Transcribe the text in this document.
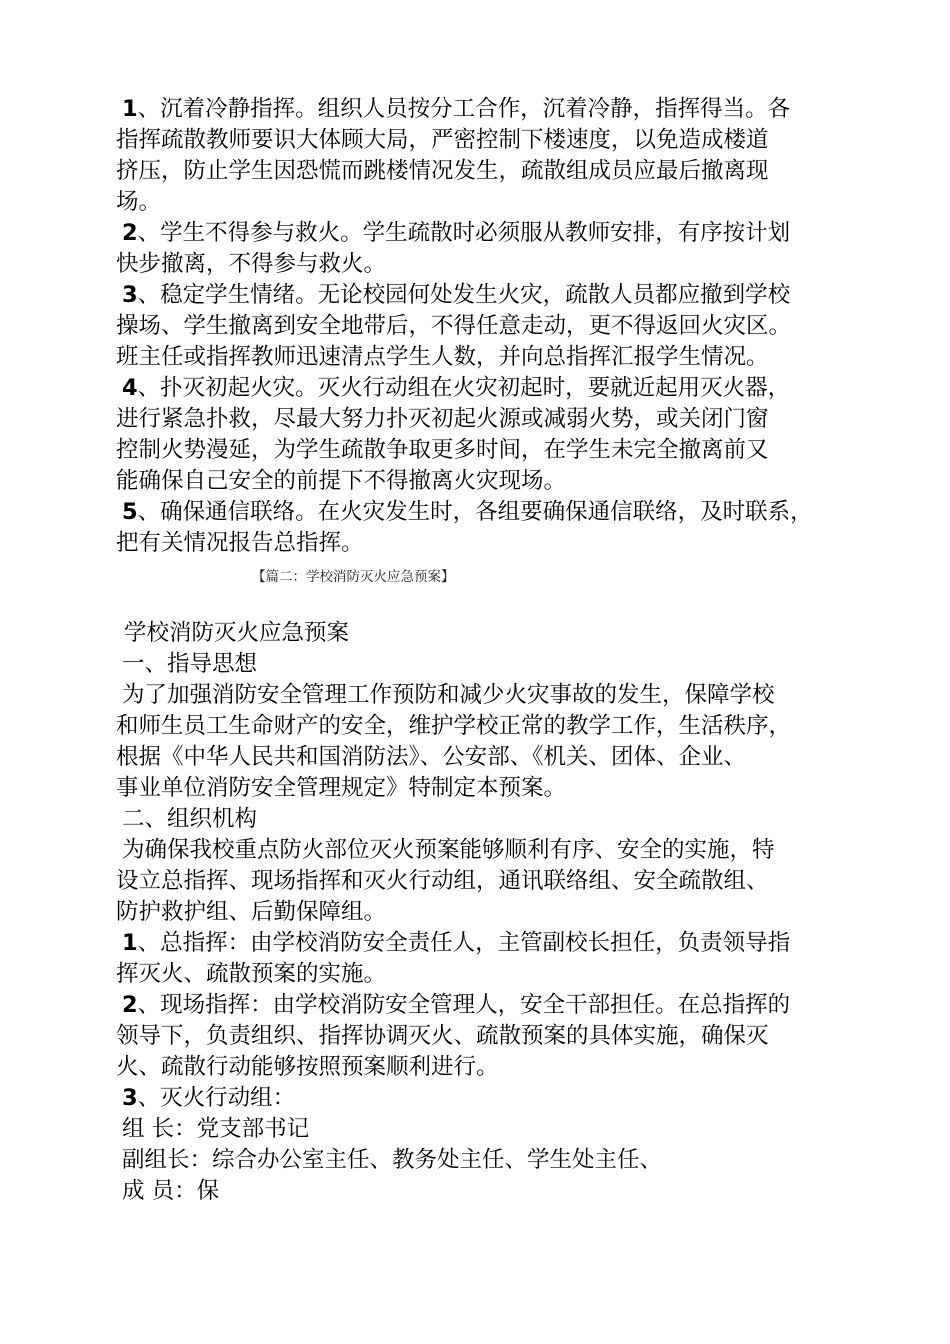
1、沉着冷静指挥。组织人员按分工合作，沉着冷静，指挥得当。各
指挥疏散教师要识大体顾大局，严密控制下楼速度，以免造成楼道
挤压，防止学生因恐慌而跳楼情况发生，疏散组成员应最后撤离现
场。
2、学生不得参与救火。学生疏散时必须服从教师安排，有序按计划
快步撤离，不得参与救火。
3、稳定学生情绪。无论校园何处发生火灾，疏散人员都应撤到学校
操场、学生撤离到安全地带后，不得任意走动，更不得返回火灾区。
班主任或指挥教师迅速清点学生人数，并向总指挥汇报学生情况。
4、扑灭初起火灾。灭火行动组在火灾初起时，要就近起用灭火器，
进行紧急扑救，尽最大努力扑灭初起火源或减弱火势，或关闭门窗
控制火势漫延，为学生疏散争取更多时间，在学生未完全撤离前又
能确保自己安全的前提下不得撤离火灾现场。
5、确保通信联络。在火灾发生时，各组要确保通信联络，及时联系，
把有关情况报告总指挥。
【篇二：学校消防灭火应急预案】
学校消防灭火应急预案
一、指导思想
为了加强消防安全管理工作预防和减少火灾事故的发生，保障学校
和师生员工生命财产的安全，维护学校正常的教学工作，生活秩序，
根据《中华人民共和国消防法》、公安部、《机关、团体、企业、
事业单位消防安全管理规定》特制定本预案。
二、组织机构
为确保我校重点防火部位灭火预案能够顺利有序、安全的实施，特
设立总指挥、现场指挥和灭火行动组，通讯联络组、安全疏散组、
防护救护组、后勤保障组。
1、总指挥：由学校消防安全责任人，主管副校长担任，负责领导指
挥灭火、疏散预案的实施。
2、现场指挥：由学校消防安全管理人，安全干部担任。在总指挥的
领导下，负责组织、指挥协调灭火、疏散预案的具体实施，确保灭
火、疏散行动能够按照预案顺利进行。
3、灭火行动组：
组 长：党支部书记
副组长：综合办公室主任、教务处主任、学生处主任、
成 员：保
